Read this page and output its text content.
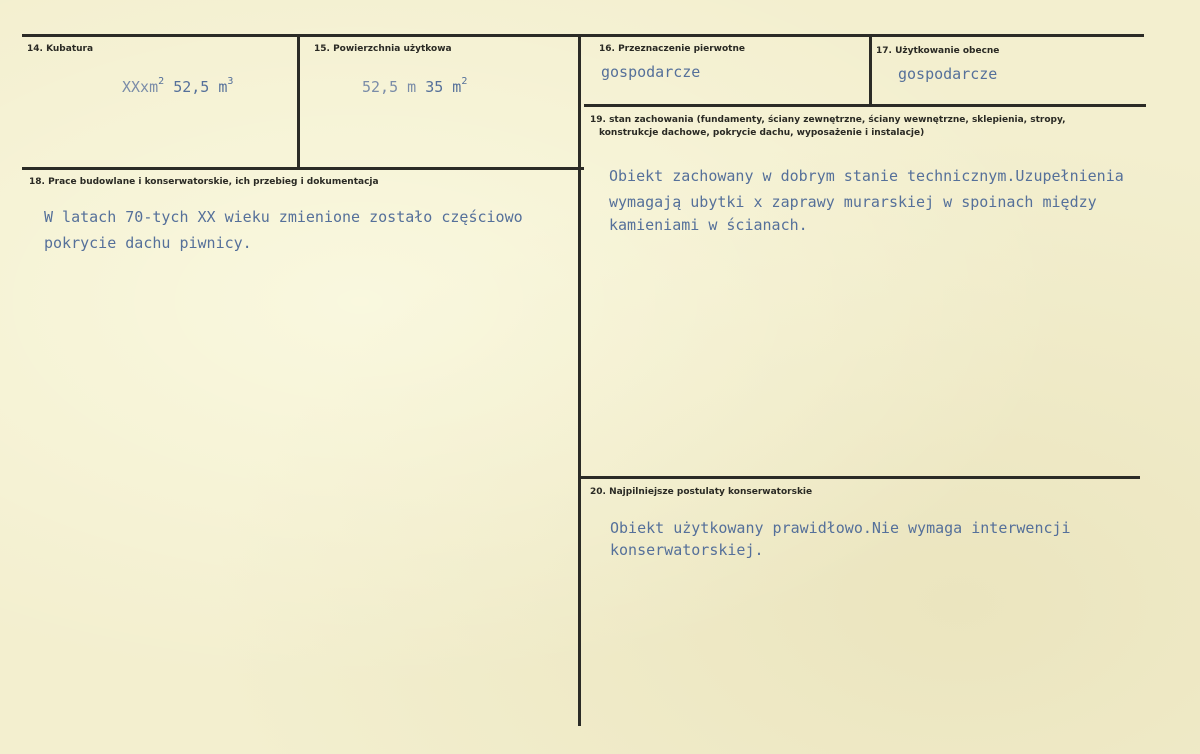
14. Kubatura
XXxm$^2$ 52,5 $m^3$
15. Powierzchnia użytkowa
52,5 m 35 $m^2$
16. Przeznaczenie pierwotne
gospodarcze
17. Użytkowanie obecne
gospodarcze
18. Prace budowlane i konserwatorskie, ich przebieg i dokumentacja
W latach 70-tych XX wieku zmienione zostało częściowo
pokrycie dachu piwnicy.
19. stan zachowania (fundamenty, ściany zewnętrzne, ściany wewnętrzne, sklepienia, stropy,
konstrukcje dachowe, pokrycie dachu, wyposażenie i instalacje)
Obiekt zachowany w dobrym stanie technicznym.Uzupełnienia
wymagają ubytki x zaprawy murarskiej w spoinach między
kamieniami w ścianach.
20. Najpilniejsze postulaty konserwatorskie
Obiekt użytkowany prawidłowo.Nie wymaga interwencji
konserwatorskiej.
